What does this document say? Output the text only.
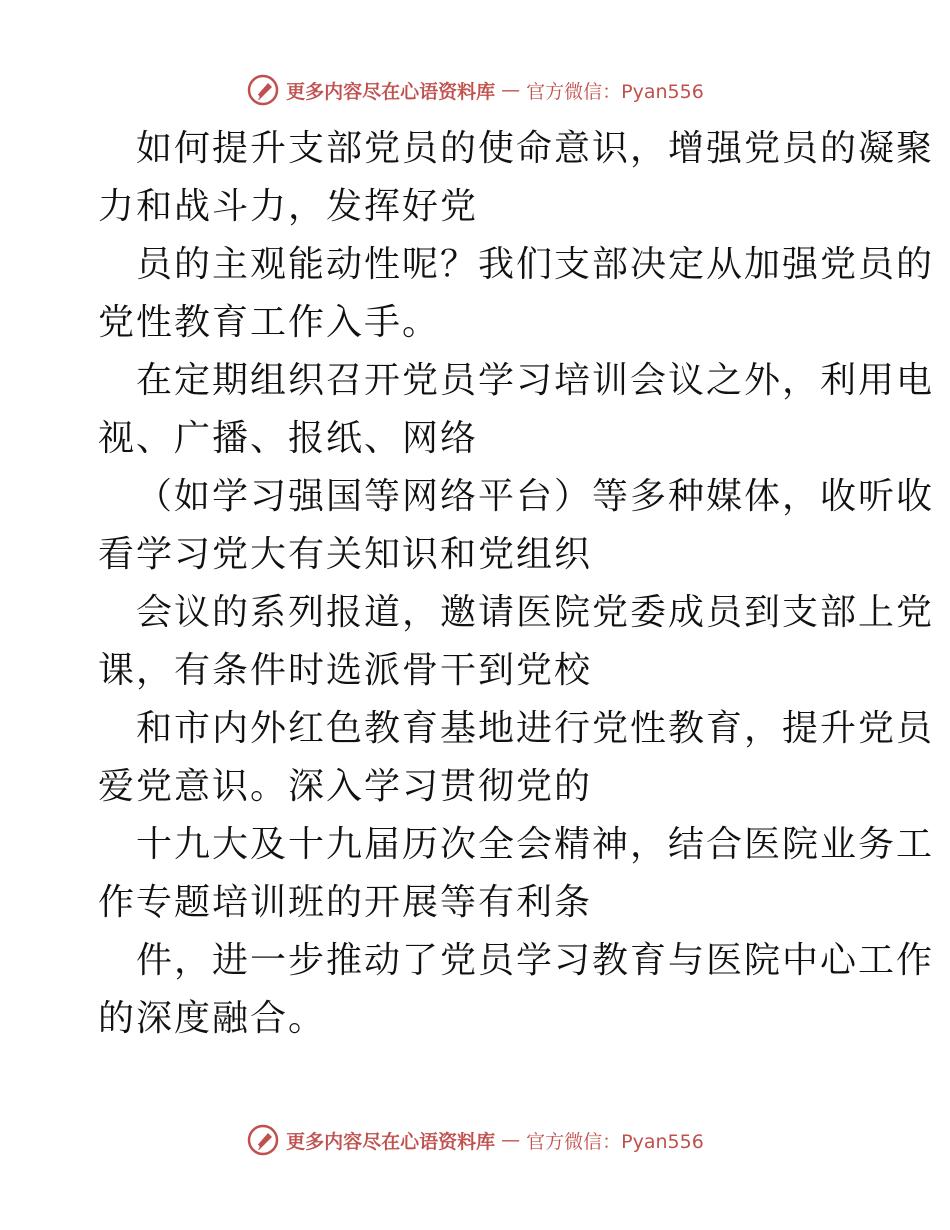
更多内容尽在心语资料库 — 官方微信：Pyan556

如何提升支部党员的使命意识，增强党员的凝聚
力和战斗力，发挥好党

员的主观能动性呢？我们支部决定从加强党员的
党性教育工作入手。

在定期组织召开党员学习培训会议之外，利用电
视、广播、报纸、网络

（如学习强国等网络平台）等多种媒体，收听收
看学习党大有关知识和党组织

会议的系列报道，邀请医院党委成员到支部上党
课，有条件时选派骨干到党校

和市内外红色教育基地进行党性教育，提升党员
爱党意识。深入学习贯彻党的

十九大及十九届历次全会精神，结合医院业务工
作专题培训班的开展等有利条

件，进一步推动了党员学习教育与医院中心工作
的深度融合。

更多内容尽在心语资料库 — 官方微信：Pyan556
